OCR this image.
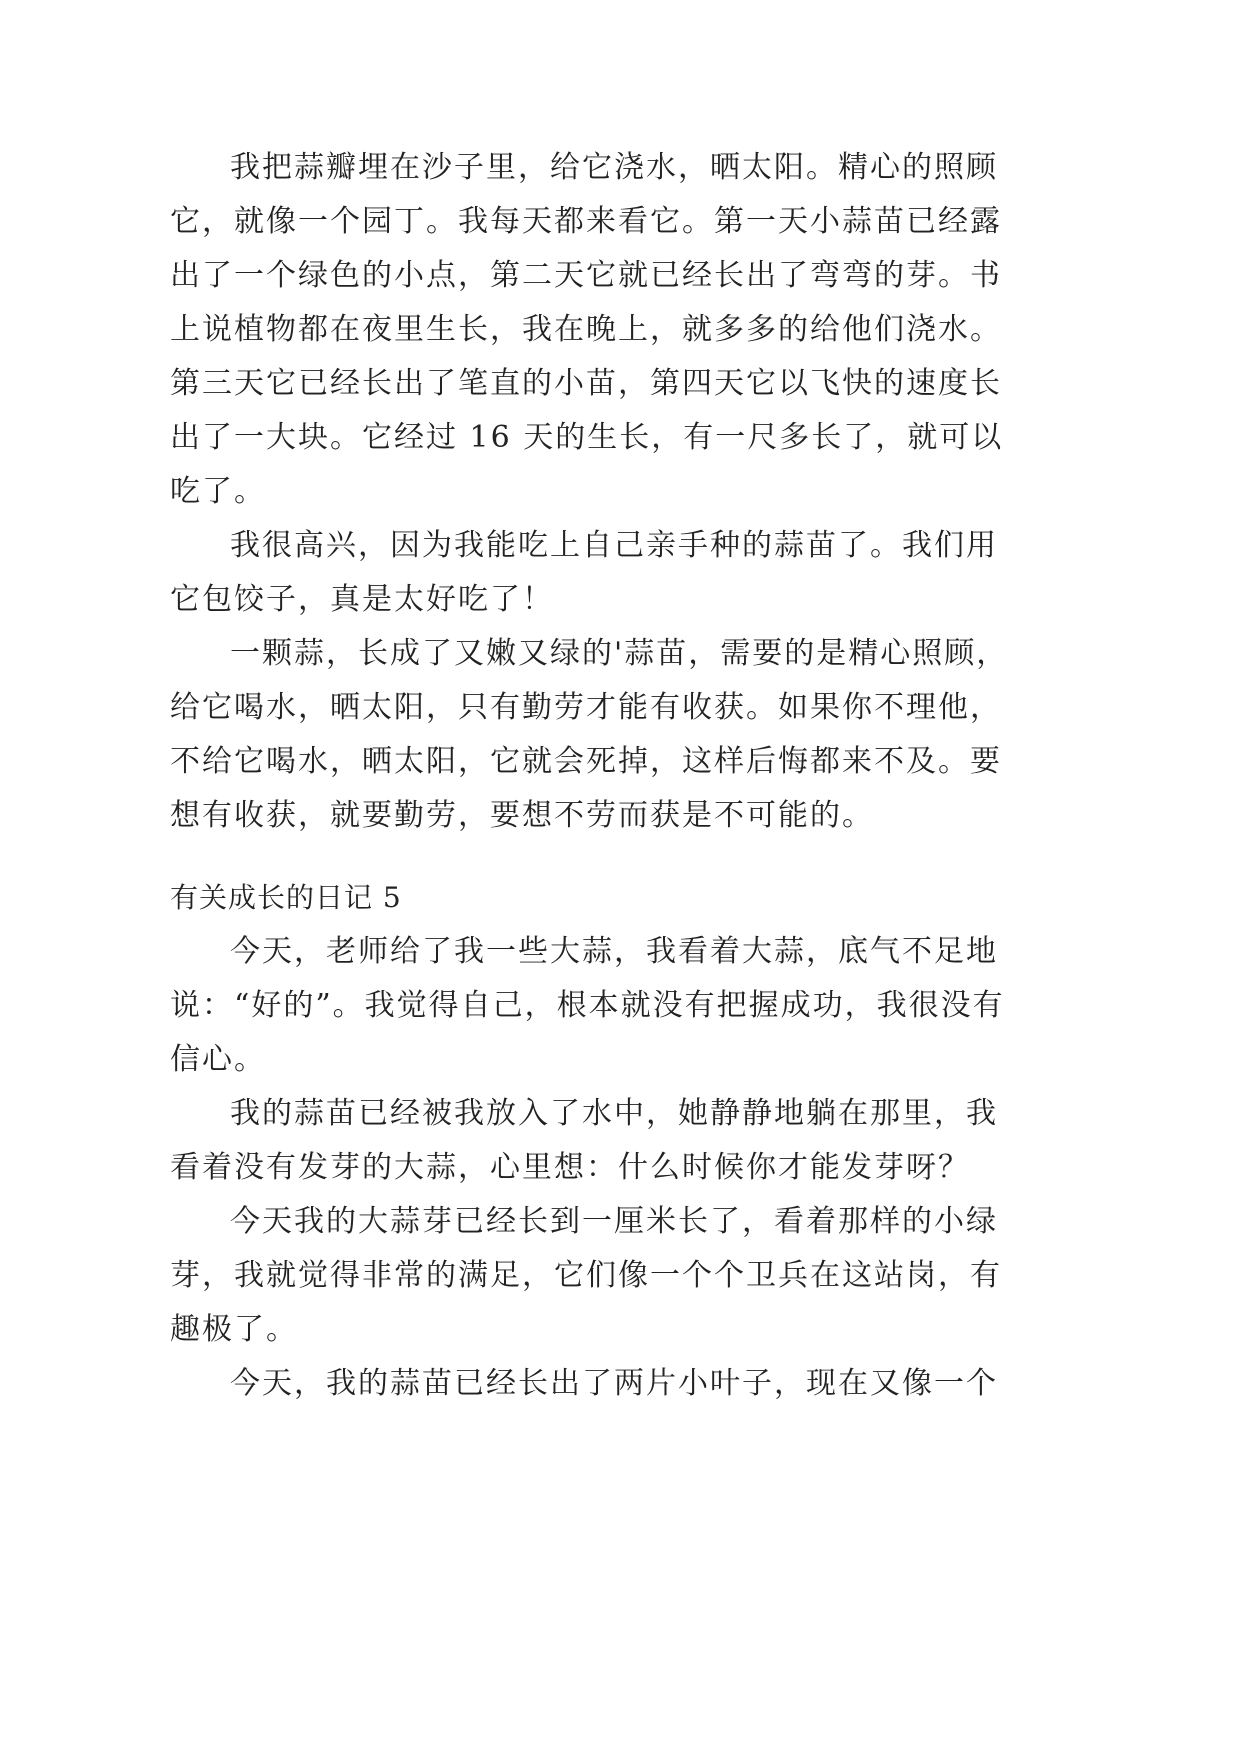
我把蒜瓣埋在沙子里，给它浇水，晒太阳。精心的照顾
它，就像一个园丁。我每天都来看它。第一天小蒜苗已经露
出了一个绿色的小点，第二天它就已经长出了弯弯的芽。书
上说植物都在夜里生长，我在晚上，就多多的给他们浇水。
第三天它已经长出了笔直的小苗，第四天它以飞快的速度长
出了一大块。它经过 16 天的生长，有一尺多长了，就可以
吃了。
我很高兴，因为我能吃上自己亲手种的蒜苗了。我们用
它包饺子，真是太好吃了！
一颗蒜，长成了又嫩又绿的'蒜苗，需要的是精心照顾，
给它喝水，晒太阳，只有勤劳才能有收获。如果你不理他，
不给它喝水，晒太阳，它就会死掉，这样后悔都来不及。要
想有收获，就要勤劳，要想不劳而获是不可能的。
有关成长的日记 5
今天，老师给了我一些大蒜，我看着大蒜，底气不足地
说：“好的”。我觉得自己，根本就没有把握成功，我很没有
信心。
我的蒜苗已经被我放入了水中，她静静地躺在那里，我
看着没有发芽的大蒜，心里想：什么时候你才能发芽呀？
今天我的大蒜芽已经长到一厘米长了，看着那样的小绿
芽，我就觉得非常的满足，它们像一个个卫兵在这站岗，有
趣极了。
今天，我的蒜苗已经长出了两片小叶子，现在又像一个
